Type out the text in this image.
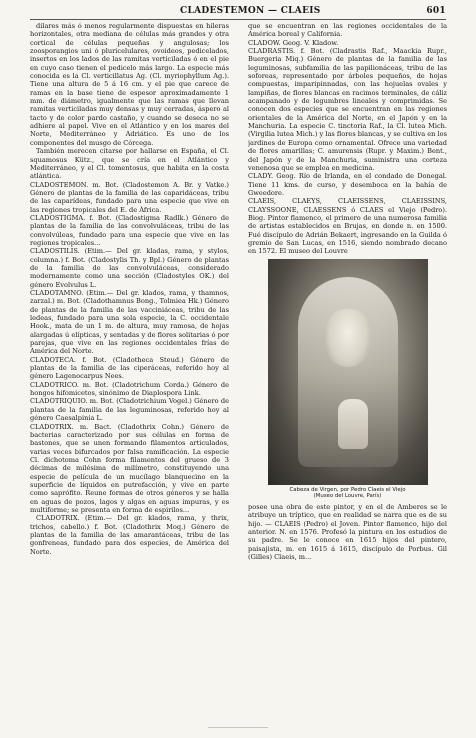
CLADESTEMON — CLAEIS	601

dilares más ó menos regularmente dispuestas en hileras horizontales, otra mediana de células más grandes y otra cortical de células pequeñas y angulosas; los zoosporangios uni ó pluricelulares, ovoideos, pedicelados, insertos en los lados de las ramitas verticiladas ó en el pie en cuyo caso tienen el pedicelo más largo. La especie más conocida es la Cl. verticillatus Ag. (Cl. myriophyllum Ag.). Tiene una altura de 5 á 16 cm. y el pie que carece de ramas en la base tiene de espesor aproximadamente 1 mm. de diámetro, igualmente que las ramas que llevan ramitas verticiladas muy densas y muy cerradas, áspero al tacto y de color pardo castaño, y cuando se deseca no se adhiere al papel. Vive en el Atlántico y en los mares del Norte, Mediterráneo y Adriático. Es uno de los componentes del musgo de Córcega.

También merecen citarse por hallarse en España, el Cl. squamosus Kütz., que se cría en el Atlántico y Mediterráneo, y el Cl. tomentosus, que habita en la costa atlántica.

CLADOSTEMON. m. Bot. (Cladostemon A. Br. y Vatke.) Género de plantas de la familia de las caparidáceas, tribu de las caparídeas, fundado para una especie que vive en las regiones tropicales del E. de África.

CLADOSTIGMA. f. Bot. (Cladostigma Radlk.) Género de plantas de la familia de las convolvuláceas, tribu de las convolvúleas, fundado para una especie que vive en las regiones tropicales...

CLADOSTILIS. (Etim.— Del gr. kladas, rama, y stylos, columna.) f. Bot. (Cladostylis Th. y Bpl.) Género de plantas de la familia de las convolvuláceas, considerado modernamente como una sección (Cladostyles OK.) del género Evolvulus L.

CLADOTAMNO. (Etim.— Del gr. klados, rama, y thamnos, zarzal.) m. Bot. (Cladothamnus Bong., Tolmiea Hk.) Género de plantas de la familia de las vacciniáceas, tribu de las ledeas, fundado para una sola especie, la C. occidentale Hook., mata de un 1 m. de altura, muy ramosa, de hojas alargadas ú elípticas, y sentadas y de flores solitarias ó por parejas, que vive en las regiones occidentales frías de América del Norte.

CLADOTECA. f. Bot. (Cladotheca Steud.) Género de plantas de la familia de las ciperáceas, referido hoy al género Lagenocarpus Nees.

CLADOTRICO. m. Bot. (Cladotrichum Corda.) Género de hongos hifomicetos, sinónimo de Diaplospora Link.

CLADOTRIQUIO. m. Bot. (Cladotrichium Vogel.) Género de plantas de la familia de las leguminosas, referido hoy al género Caesalpinia L.

CLADOTRIX. m. Bact. (Cladothrix Cohn.) Género de bacterias caracterizado por sus células en forma de bastones, que se unen formando filamentos articulados, varias veces bifurcados por falsa ramificación. La especie Cl. dichotoma Cohn forma filamentos del grueso de 3 décimas de milésima de milímetro, constituyendo una especie de película de un mucílago blanquecino en la superficie de líquidos en putrefacción, y vive en parte como saprófito. Reune formas de otros géneros y se halla en aguas de pozos, lagos y algas en aguas impuras, y es multiforme; se presenta en forma de espirilos...

CLADOTRIX. (Etim.— Del gr. klados, rama, y thrix, trichos, cabello.) f. Bot. (Cladothrix Moq.) Género de plantas de la familia de las amarantáceas, tribu de las gonfreneas, fundado para dos especies, de América del Norte.

que se encuentran en las regiones occidentales de la América boreal y California.

CLADOW. Geog. V. Kladow.

CLADRASTIS. f. Bot. (Cladrastis Raf., Maackia Rupr., Buergeria Miq.) Género de plantas de la familia de las leguminosas, subfamilia de las papilionáceas, tribu de las soforeas, representado por árboles pequeños, de hojas compuestas, imparipinnadas, con las hojuelas ovales y lampiñas, de flores blancas en racimos terminales, de cáliz acampanado y de legumbres lineales y comprimidas. Se conocen dos especies que se encuentran en las regiones orientales de la América del Norte, en el Japón y en la Manchuria. La especie C. tinctoria Raf., la Cl. lutea Mich. (Virgilia lutea Mich.) y las flores blancas, y se cultiva en los jardines de Europa como ornamental. Ofrece una variedad de flores amarillas; C. amurensis (Rupr. y Maxim.) Bent., del Japón y de la Manchuria, suministra una corteza venenosa que se emplea en medicina.

CLADY. Geog. Río de Irlanda, en el condado de Donegal. Tiene 11 kms. de curso, y desemboca en la bahía de Gweedore.

CLAEIS, CLAEYS, CLAEISSENS, CLAEISSINS, CLAYSSOONE, CLAESSENS ó CLAES el Viejo (Pedro). Biog. Pintor flamenco, el primero de una numerosa familia de artistas establecidos en Brujas, en donde n. en 1500. Fué discípulo de Adrián Bekaert, ingresando en la Guilda ó gremio de San Lucas, en 1516, siendo nombrado decano en 1572. El museo del Louvre

Cabeza de Virgen, por Pedro Claeis el Viejo
(Museo del Louvre, París)

posee una obra de este pintor, y en el de Amberes se le atribuye un tríptico, que en realidad se narra que es de su hijo. — CLAEIS (Pedro) el Joven. Pintor flamenco, hijo del anterior. N. en 1576. Profesó la pintura en los estudios de su padre. Se le conoce en 1615 hijos del pintero, paisajista, m. en 1615 á 1615, discípulo de Porbus. Gil (Gilles) Claeis, m...
